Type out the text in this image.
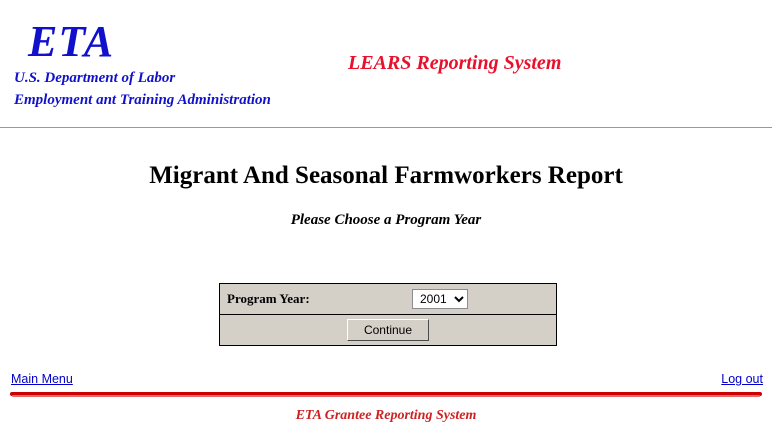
ETA
U.S. Department of Labor
Employment ant Training Administration
LEARS Reporting System
Migrant And Seasonal Farmworkers Report
Please Choose a Program Year
Program Year:
2001
Continue
Main Menu	Log out
ETA Grantee Reporting System
